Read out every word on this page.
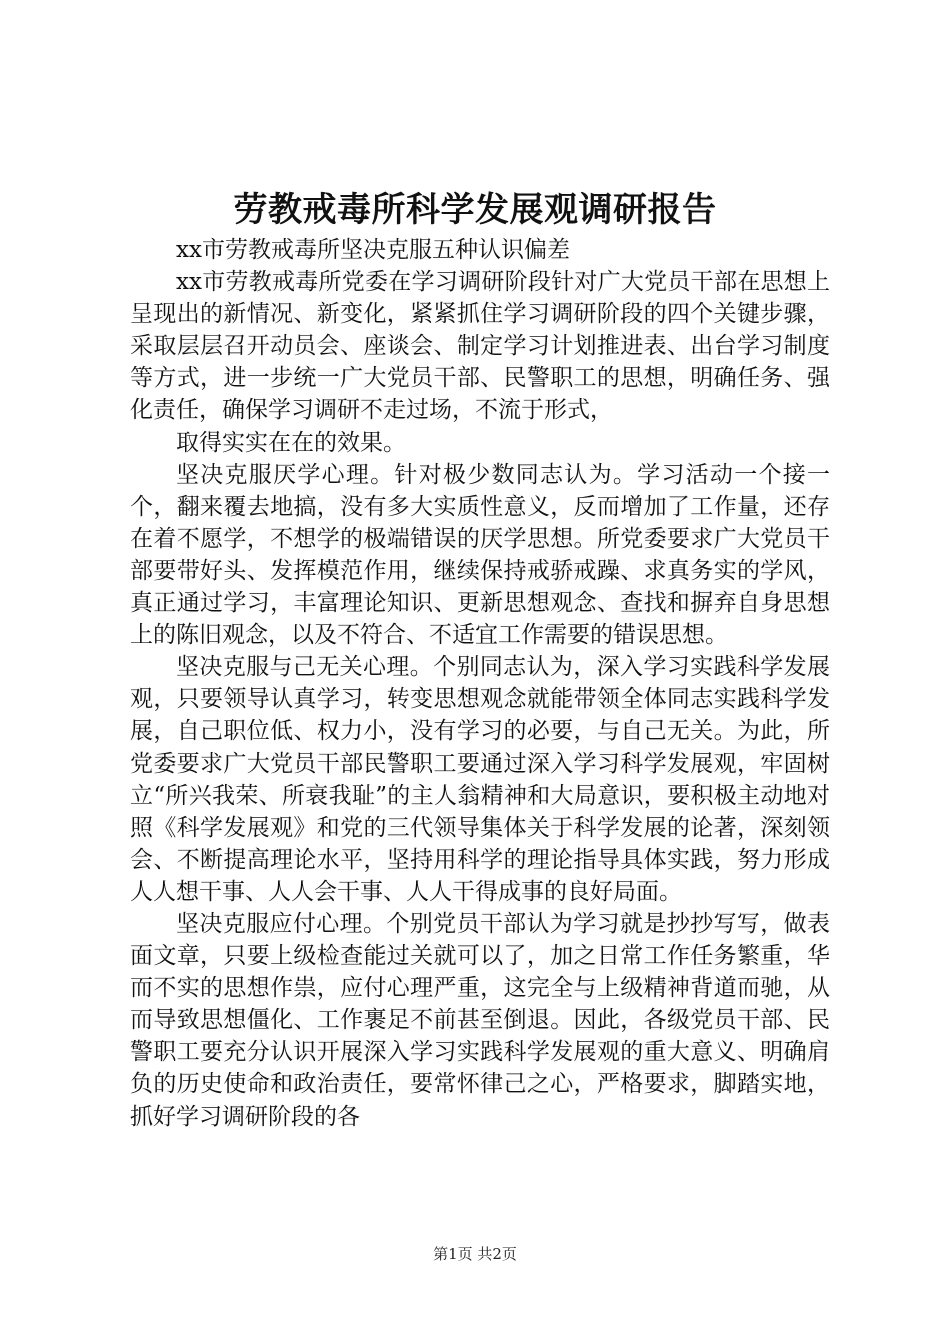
劳教戒毒所科学发展观调研报告

xx市劳教戒毒所坚决克服五种认识偏差

xx市劳教戒毒所党委在学习调研阶段针对广大党员干部在思想上呈现出的新情况、新变化，紧紧抓住学习调研阶段的四个关键步骤，采取层层召开动员会、座谈会、制定学习计划推进表、出台学习制度等方式，进一步统一广大党员干部、民警职工的思想，明确任务、强化责任，确保学习调研不走过场，不流于形式，

取得实实在在的效果。

坚决克服厌学心理。针对极少数同志认为。学习活动一个接一个，翻来覆去地搞，没有多大实质性意义，反而增加了工作量，还存在着不愿学，不想学的极端错误的厌学思想。所党委要求广大党员干部要带好头、发挥模范作用，继续保持戒骄戒躁、求真务实的学风，真正通过学习，丰富理论知识、更新思想观念、查找和摒弃自身思想上的陈旧观念，以及不符合、不适宜工作需要的错误思想。

坚决克服与己无关心理。个别同志认为，深入学习实践科学发展观，只要领导认真学习，转变思想观念就能带领全体同志实践科学发展，自己职位低、权力小，没有学习的必要，与自己无关。为此，所党委要求广大党员干部民警职工要通过深入学习科学发展观，牢固树立“所兴我荣、所衰我耻”的主人翁精神和大局意识，要积极主动地对照《科学发展观》和党的三代领导集体关于科学发展的论著，深刻领会、不断提高理论水平，坚持用科学的理论指导具体实践，努力形成人人想干事、人人会干事、人人干得成事的良好局面。

坚决克服应付心理。个别党员干部认为学习就是抄抄写写，做表面文章，只要上级检查能过关就可以了，加之日常工作任务繁重，华而不实的思想作祟，应付心理严重，这完全与上级精神背道而驰，从而导致思想僵化、工作裹足不前甚至倒退。因此，各级党员干部、民警职工要充分认识开展深入学习实践科学发展观的重大意义、明确肩负的历史使命和政治责任，要常怀律己之心，严格要求，脚踏实地，抓好学习调研阶段的各

第1页 共2页
